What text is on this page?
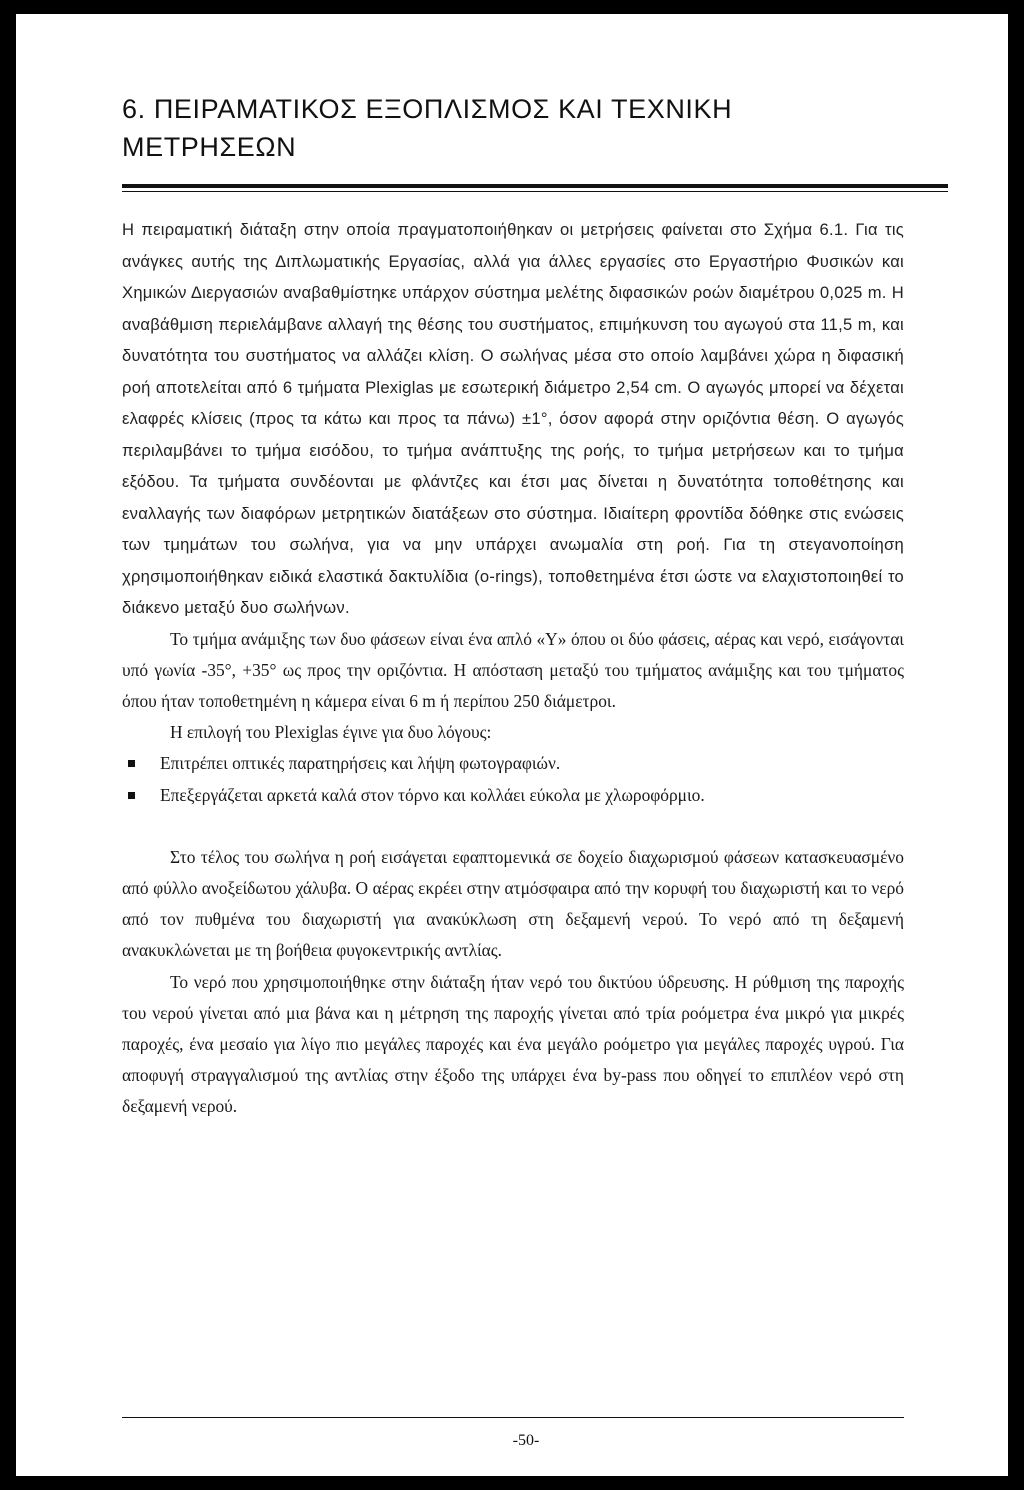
6. ΠΕΙΡΑΜΑΤΙΚΟΣ ΕΞΟΠΛΙΣΜΟΣ ΚΑΙ ΤΕΧΝΙΚΗ
ΜΕΤΡΗΣΕΩΝ

Η πειραματική διάταξη στην οποία πραγματοποιήθηκαν οι μετρήσεις φαίνεται στο Σχήμα 6.1. Για τις ανάγκες αυτής της Διπλωματικής Εργασίας, αλλά για άλλες εργασίες στο Εργαστήριο Φυσικών και Χημικών Διεργασιών αναβαθμίστηκε υπάρχον σύστημα μελέτης διφασικών ροών διαμέτρου 0,025 m. Η αναβάθμιση περιελάμβανε αλλαγή της θέσης του συστήματος, επιμήκυνση του αγωγού στα 11,5 m, και δυνατότητα του συστήματος να αλλάζει κλίση. Ο σωλήνας μέσα στο οποίο λαμβάνει χώρα η διφασική ροή αποτελείται από 6 τμήματα Plexiglas με εσωτερική διάμετρο 2,54 cm. Ο αγωγός μπορεί να δέχεται ελαφρές κλίσεις (προς τα κάτω και προς τα πάνω) ±1°, όσον αφορά στην οριζόντια θέση. Ο αγωγός περιλαμβάνει το τμήμα εισόδου, το τμήμα ανάπτυξης της ροής, το τμήμα μετρήσεων και το τμήμα εξόδου. Τα τμήματα συνδέονται με φλάντζες και έτσι μας δίνεται η δυνατότητα τοποθέτησης και εναλλαγής των διαφόρων μετρητικών διατάξεων στο σύστημα. Ιδιαίτερη φροντίδα δόθηκε στις ενώσεις των τμημάτων του σωλήνα, για να μην υπάρχει ανωμαλία στη ροή. Για τη στεγανοποίηση χρησιμοποιήθηκαν ειδικά ελαστικά δακτυλίδια (o-rings), τοποθετημένα έτσι ώστε να ελαχιστοποιηθεί το διάκενο μεταξύ δυο σωλήνων.

Το τμήμα ανάμιξης των δυο φάσεων είναι ένα απλό «Υ» όπου οι δύο φάσεις, αέρας και νερό, εισάγονται υπό γωνία -35°, +35° ως προς την οριζόντια. Η απόσταση μεταξύ του τμήματος ανάμιξης και του τμήματος όπου ήταν τοποθετημένη η κάμερα είναι 6 m ή περίπου 250 διάμετροι.

Η επιλογή του Plexiglas έγινε για δυο λόγους:

Επιτρέπει οπτικές παρατηρήσεις και λήψη φωτογραφιών.
Επεξεργάζεται αρκετά καλά στον τόρνο και κολλάει εύκολα με χλωροφόρμιο.

Στο τέλος του σωλήνα η ροή εισάγεται εφαπτομενικά σε δοχείο διαχωρισμού φάσεων κατασκευασμένο από φύλλο ανοξείδωτου χάλυβα. Ο αέρας εκρέει στην ατμόσφαιρα από την κορυφή του διαχωριστή και το νερό από τον πυθμένα του διαχωριστή για ανακύκλωση στη δεξαμενή νερού. Το νερό από τη δεξαμενή ανακυκλώνεται με τη βοήθεια φυγοκεντρικής αντλίας.

Το νερό που χρησιμοποιήθηκε στην διάταξη ήταν νερό του δικτύου ύδρευσης. Η ρύθμιση της παροχής του νερού γίνεται από μια βάνα και η μέτρηση της παροχής γίνεται από τρία ροόμετρα ένα μικρό για μικρές παροχές, ένα μεσαίο για λίγο πιο μεγάλες παροχές και ένα μεγάλο ροόμετρο για μεγάλες παροχές υγρού. Για αποφυγή στραγγαλισμού της αντλίας στην έξοδο της υπάρχει ένα by-pass που οδηγεί το επιπλέον νερό στη δεξαμενή νερού.

-50-
